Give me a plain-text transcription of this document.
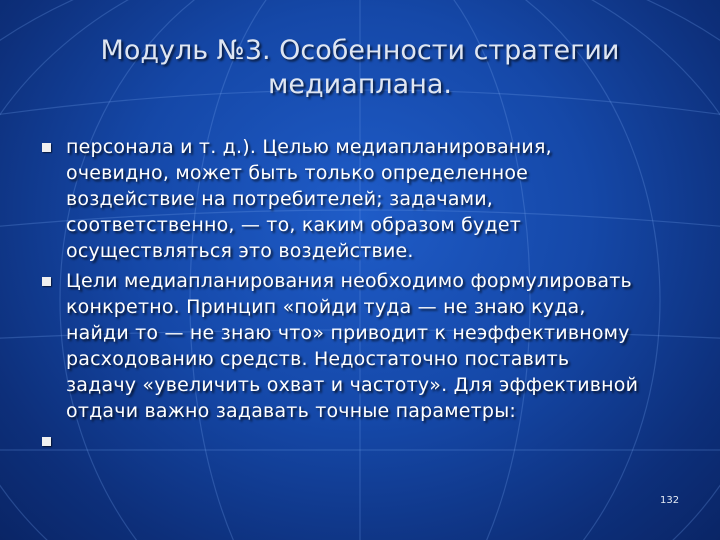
Модуль №3. Особенности стратегии
медиаплана.
персонала и т. д.). Целью медиапланирования,
очевидно, может быть только определенное
воздействие на потребителей; задачами,
соответственно, — то, каким образом будет
осуществляться это воздействие.
Цели медиапланирования необходимо формулировать
конкретно. Принцип «пойди туда — не знаю куда,
найди то — не знаю что» приводит к неэффективному
расходованию средств. Недостаточно поставить
задачу «увеличить охват и частоту». Для эффективной
отдачи важно задавать точные параметры:
132
